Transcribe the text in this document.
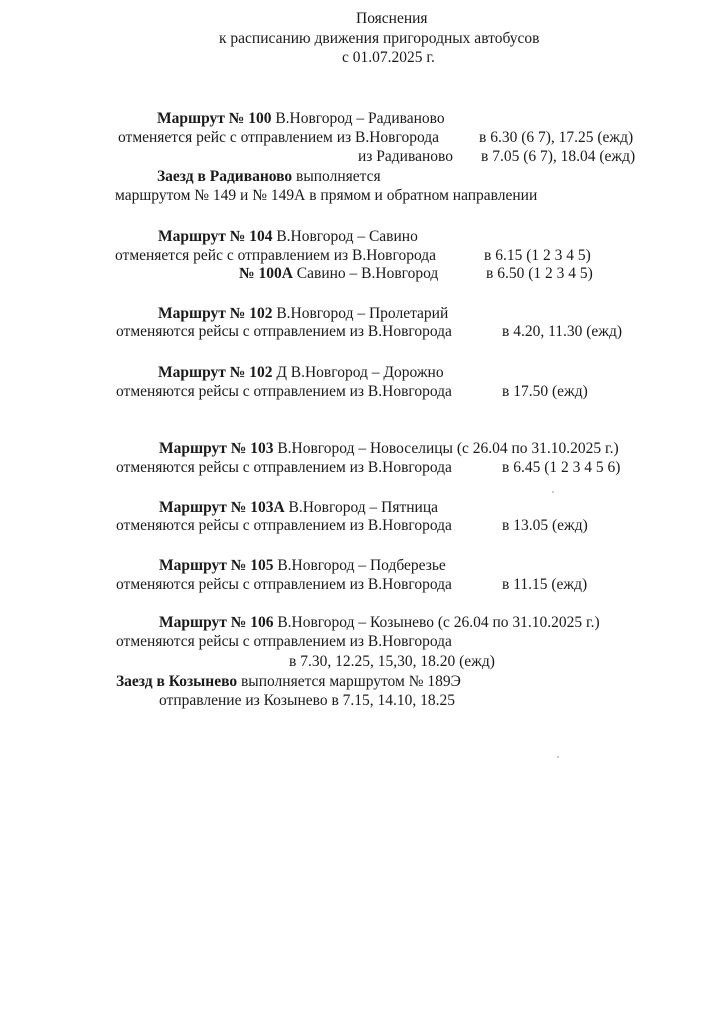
Пояснения
к расписанию движения пригородных автобусов
с 01.07.2025 г.
Маршрут № 100 В.Новгород – Радиваново
отменяется рейс с отправлением из В.Новгорода	в 6.30 (6 7), 17.25 (ежд)
из Радиваново в 7.05 (6 7), 18.04 (ежд)
Заезд в Радиваново выполняется
маршрутом № 149 и № 149А в прямом и обратном направлении
Маршрут № 104 В.Новгород – Савино
отменяется рейс с отправлением из В.Новгорода	в 6.15 (1 2 3 4 5)
№ 100А Савино – В.Новгород	в 6.50 (1 2 3 4 5)
Маршрут № 102 В.Новгород – Пролетарий
отменяются рейсы с отправлением из В.Новгорода	в 4.20, 11.30 (ежд)
Маршрут № 102 Д В.Новгород – Дорожно
отменяются рейсы с отправлением из В.Новгорода	в 17.50 (ежд)
Маршрут № 103 В.Новгород – Новоселицы (с 26.04 по 31.10.2025 г.)
отменяются рейсы с отправлением из В.Новгорода	в 6.45 (1 2 3 4 5 6)
Маршрут № 103А В.Новгород – Пятница
отменяются рейсы с отправлением из В.Новгорода	в 13.05 (ежд)
Маршрут № 105 В.Новгород – Подберезье
отменяются рейсы с отправлением из В.Новгорода	в 11.15 (ежд)
Маршрут № 106 В.Новгород – Козынево (с 26.04 по 31.10.2025 г.)
отменяются рейсы с отправлением из В.Новгорода
в 7.30, 12.25, 15,30, 18.20 (ежд)
Заезд в Козынево выполняется маршрутом № 189Э
отправление из Козынево в 7.15, 14.10, 18.25
